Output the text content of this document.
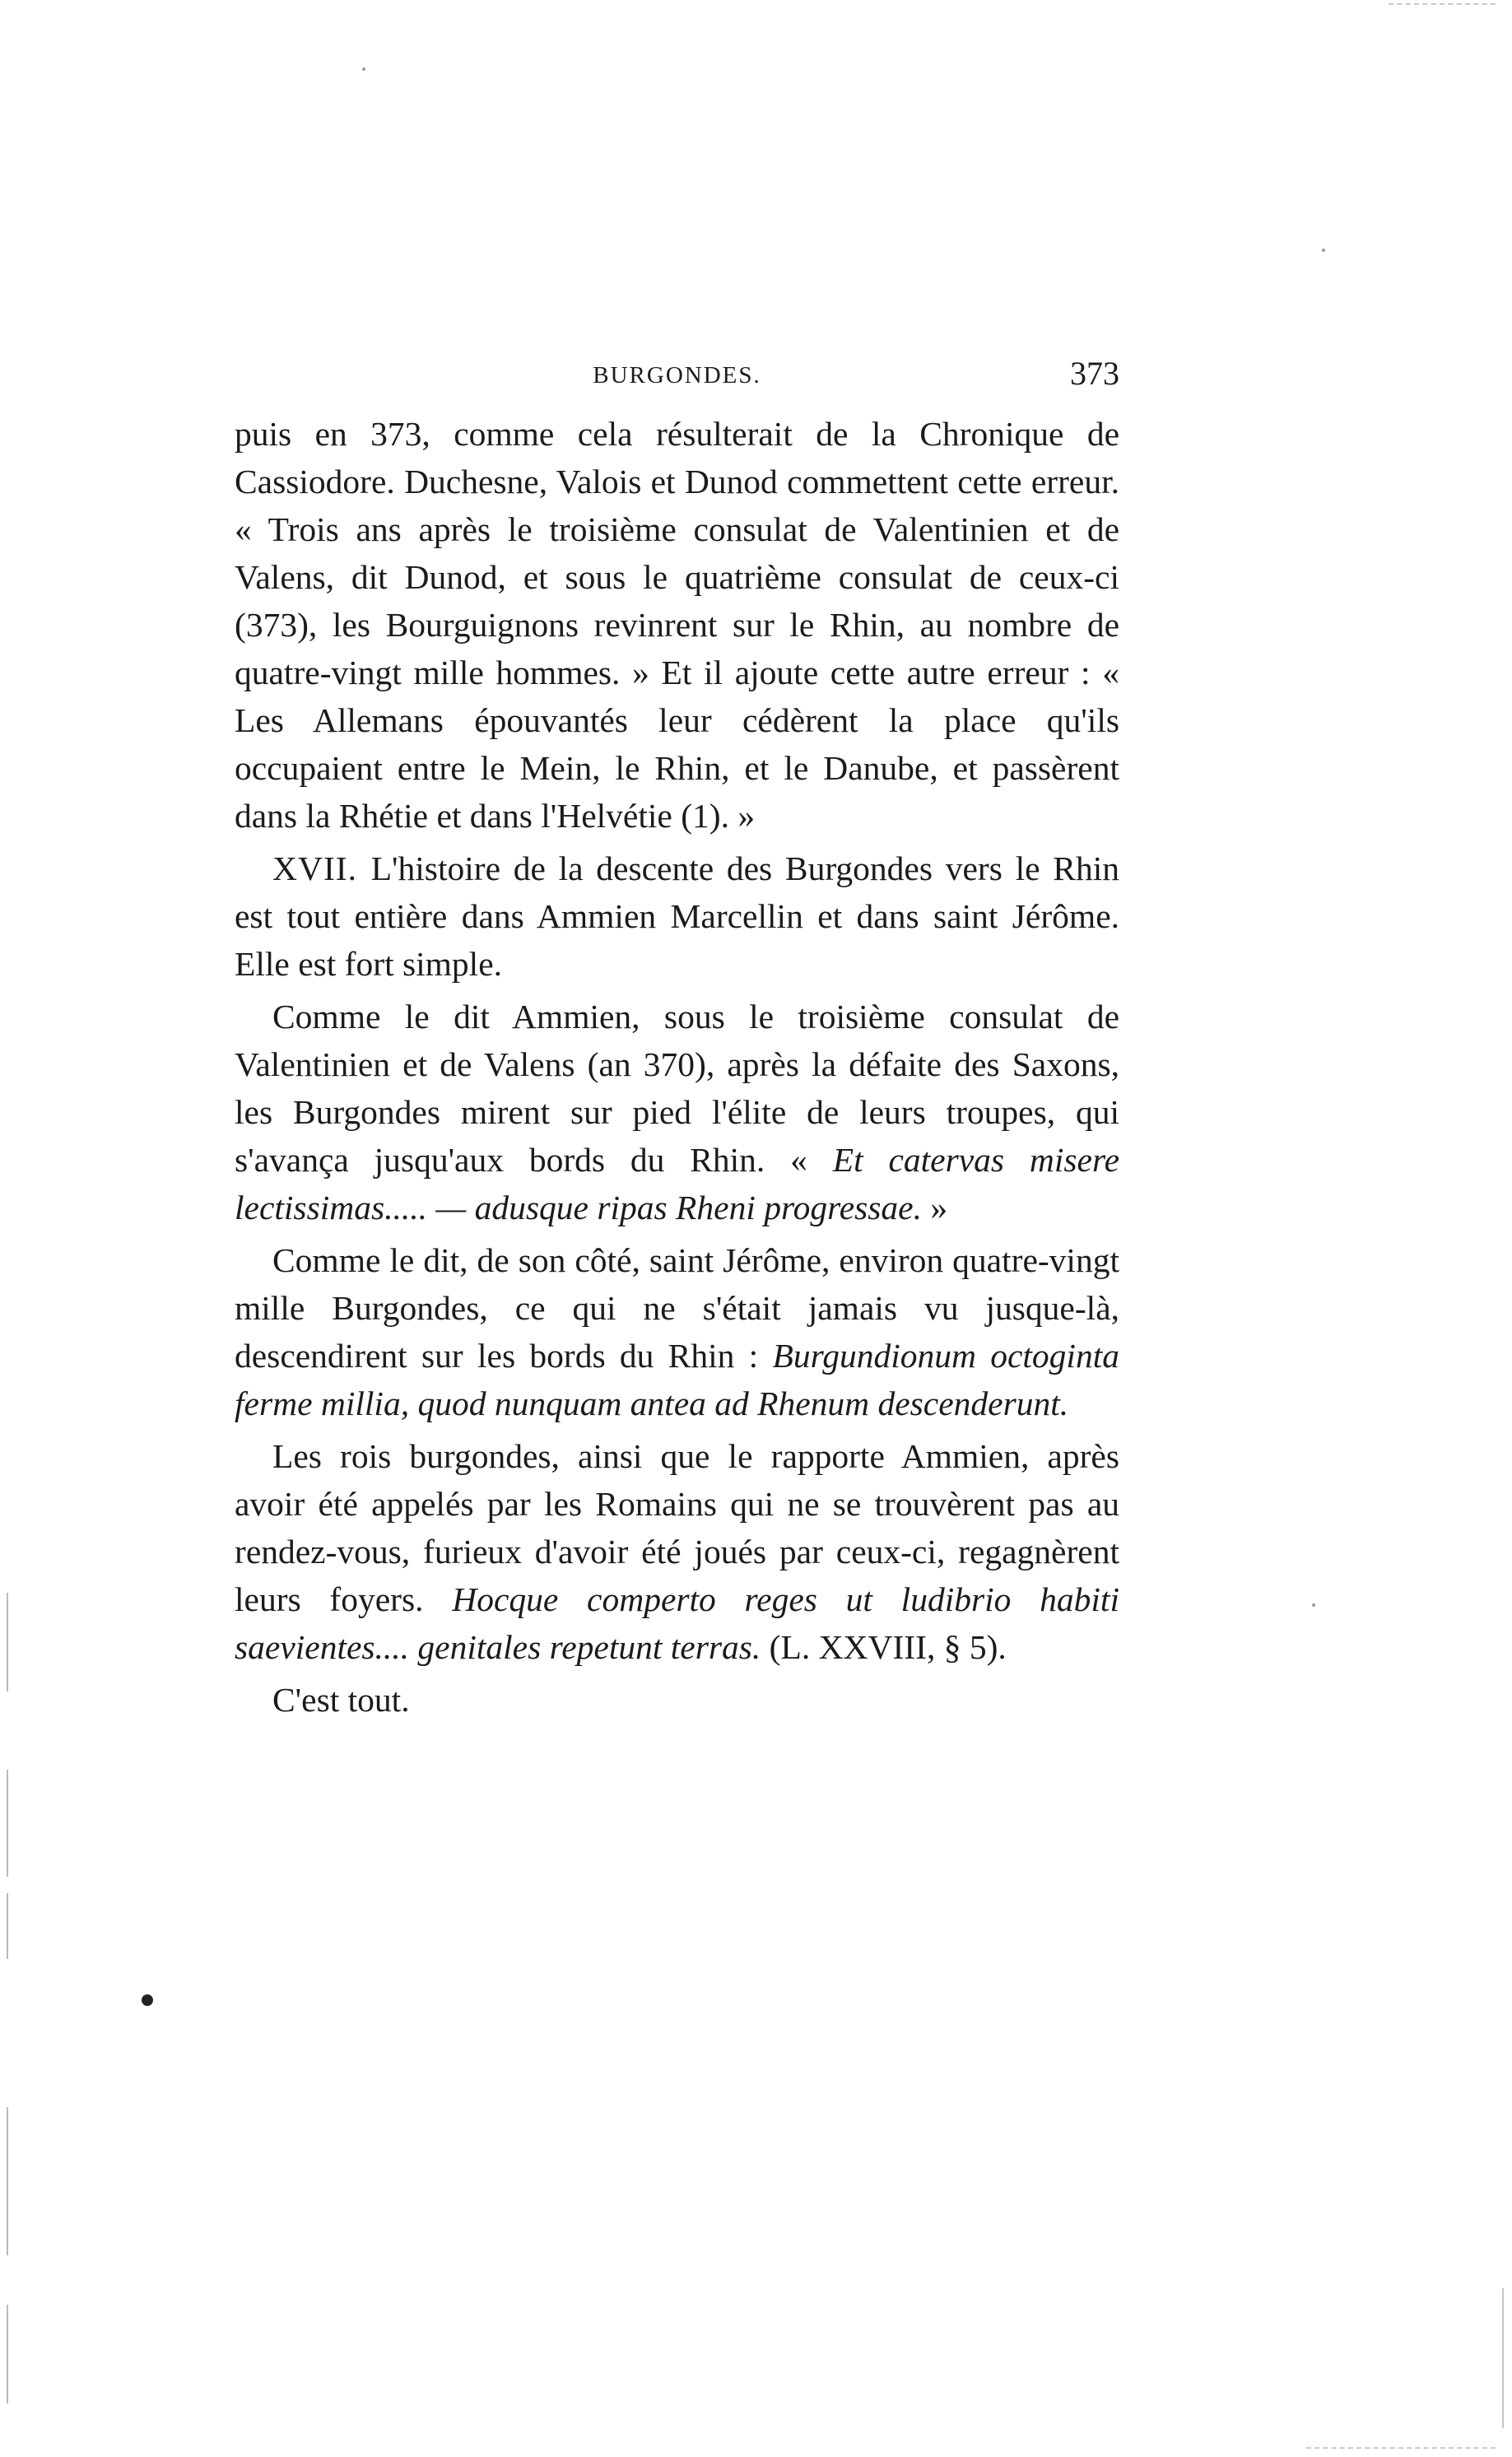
BURGONDES.	373

puis en 373, comme cela résulterait de la Chronique de Cassiodore. Duchesne, Valois et Dunod commettent cette erreur. « Trois ans après le troisième consulat de Valentinien et de Valens, dit Dunod, et sous le quatrième consulat de ceux-ci (373), les Bourguignons revinrent sur le Rhin, au nombre de quatre-vingt mille hommes. » Et il ajoute cette autre erreur : « Les Allemans épouvantés leur cédèrent la place qu'ils occupaient entre le Mein, le Rhin, et le Danube, et passèrent dans la Rhétie et dans l'Helvétie (1). »

XVII. L'histoire de la descente des Burgondes vers le Rhin est tout entière dans Ammien Marcellin et dans saint Jérôme. Elle est fort simple.

Comme le dit Ammien, sous le troisième consulat de Valentinien et de Valens (an 370), après la défaite des Saxons, les Burgondes mirent sur pied l'élite de leurs troupes, qui s'avança jusqu'aux bords du Rhin. « Et catervas misere lectissimas..... — adusque ripas Rheni progressae. »

Comme le dit, de son côté, saint Jérôme, environ quatre-vingt mille Burgondes, ce qui ne s'était jamais vu jusque-là, descendirent sur les bords du Rhin : Burgundionum octoginta ferme millia, quod nunquam antea ad Rhenum descenderunt.

Les rois burgondes, ainsi que le rapporte Ammien, après avoir été appelés par les Romains qui ne se trouvèrent pas au rendez-vous, furieux d'avoir été joués par ceux-ci, regagnèrent leurs foyers. Hocque comperto reges ut ludibrio habiti saevientes.... genitales repetunt terras. (L. XXVIII, § 5).

C'est tout.
